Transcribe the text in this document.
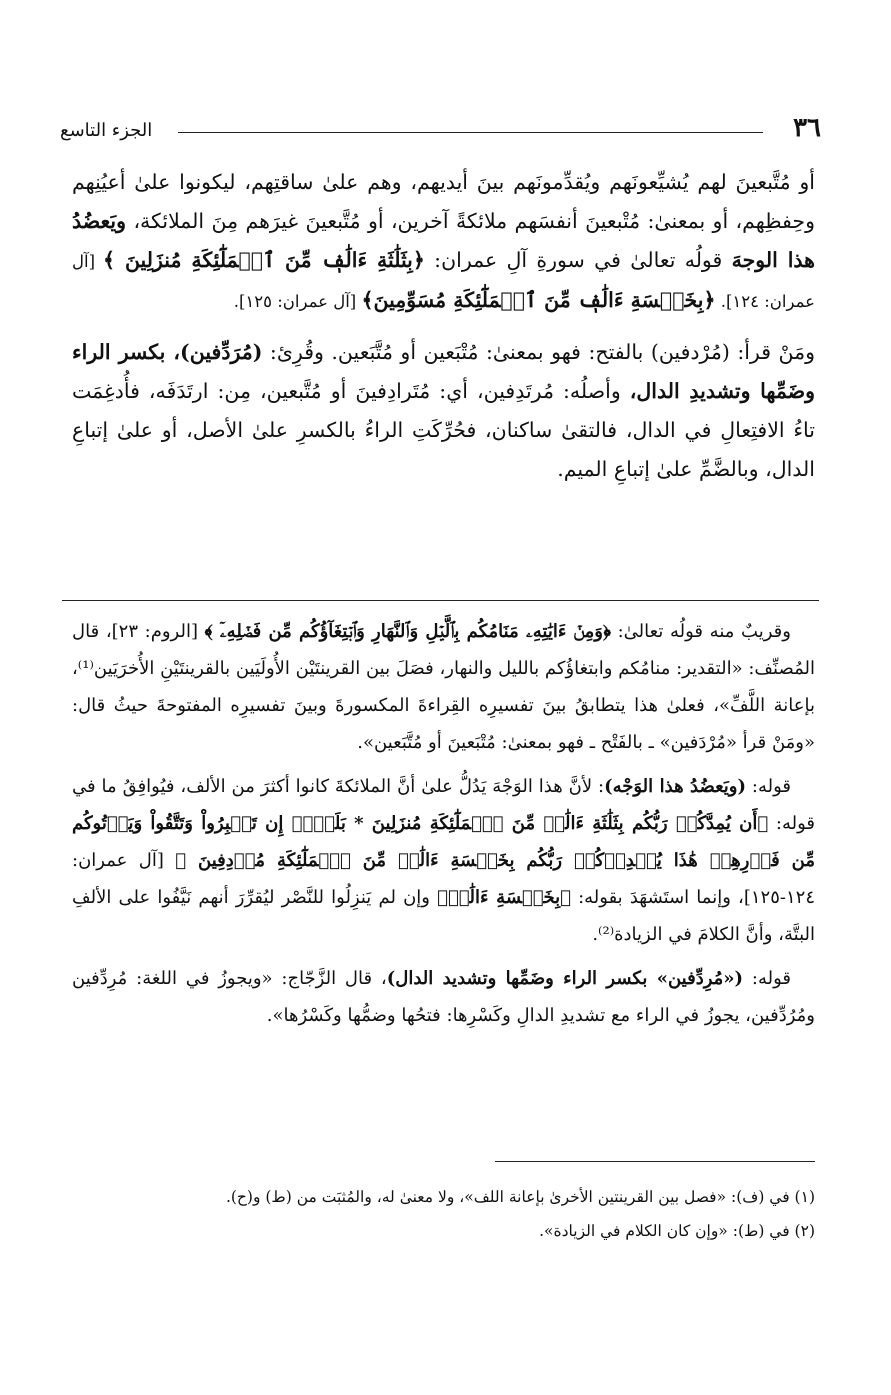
٣٦
الجزء التاسع

أو مُتَّبعينَ لهم يُشيِّعونَهم ويُقدِّمونَهم بينَ أيديهم، وهم علىٰ ساقتِهم، ليكونوا علىٰ أعيُنِهم وحِفظِهم، أو بمعنىٰ: مُتْبعينَ أنفسَهم ملائكةً آخرين، أو مُتَّبعينَ غيرَهم مِنَ الملائكة، ويَعضُدُ هذا الوجهَ قولُه تعالىٰ في سورةِ آلِ عمران: ﴿بِثَلَٰثَةِ ءَالَٰفٖ مِّنَ ٱلۡمَلَٰٓئِكَةِ مُنزَلِينَ ﴾ [آل عمران: ١٢٤]. ﴿بِخَمۡسَةِ ءَالَٰفٖ مِّنَ ٱلۡمَلَٰٓئِكَةِ مُسَوِّمِينَ﴾ [آل عمران: ١٢٥].

ومَنْ قرأ: (مُرْدفين) بالفتح: فهو بمعنىٰ: مُتْبَعين أو مُتَّبَعين. وقُرِئ: (مُرَدِّفين)، بكسر الراء وضَمِّها وتشديدِ الدال، وأصلُه: مُرتَدِفين، أي: مُتَرادِفينَ أو مُتَّبعين، مِن: ارتَدَفَه، فأُدغِمَت تاءُ الافتِعالِ في الدال، فالتقىٰ ساكنان، فحُرِّكَتِ الراءُ بالكسرِ علىٰ الأصل، أو علىٰ إتباعِ الدال، وبالضَّمِّ علىٰ إتباعِ الميم.

وقريبٌ منه قولُه تعالىٰ: ﴿وَمِنۡ ءَايَٰتِهِۦ مَنَامُكُم بِٱلَّيۡلِ وَٱلنَّهَارِ وَٱبۡتِغَآؤُكُم مِّن فَضۡلِهِۦٓ ﴾ [الروم: ٢٣]، قال المُصنِّف: «التقدير: منامُكم وابتغاؤُكم بالليل والنهار، فصَلَ بين القرينتَيْن الأُولَيَين بالقرينتَيْنِ الأُخرَيَين⁽¹⁾، بإعانة اللَّفِّ»، فعلىٰ هذا يتطابقُ بينَ تفسيرِه القِراءةَ المكسورةَ وبينَ تفسيرِه المفتوحةَ حيثُ قال: «ومَنْ قرأ «مُرْدَفين» ـ بالفَتْح ـ فهو بمعنىٰ: مُتْبَعينَ أو مُتَّبَعين».

قوله: (ويَعضُدُ هذا الوَجْه): لأنَّ هذا الوَجْهَ يَدُلُّ علىٰ أنَّ الملائكةَ كانوا أكثرَ من الألف، فيُوافِقُ ما في قوله: ﴿أَن يُمِدَّكُمۡ رَبُّكُم بِثَلَٰثَةِ ءَالَٰفٖ مِّنَ ٱلۡمَلَٰٓئِكَةِ مُنزَلِينَ * بَلَىٰٓۚ إِن تَصۡبِرُواْ وَتَتَّقُواْ وَيَأۡتُوكُم مِّن فَوۡرِهِمۡ هَٰذَا يُمۡدِدۡكُمۡ رَبُّكُم بِخَمۡسَةِ ءَالَٰفٖ مِّنَ ٱلۡمَلَٰٓئِكَةِ مُرۡدِفِينَ ﴾ [آل عمران: ١٢٤-١٢٥]، وإنما استَشهَدَ بقوله: ﴿بِخَمۡسَةِ ءَالَٰفٖ﴾ وإن لم يَنزِلُوا للنَّصْر ليُقرِّرَ أنهم نَيَّفُوا على الألفِ البتَّة، وأنَّ الكلامَ في الزيادة⁽²⁾.

قوله: («مُرِدِّفين» بكسر الراء وضَمِّها وتشديد الدال)، قال الزَّجّاج: «ويجوزُ في اللغة: مُرِدِّفين ومُرُدِّفين، يجوزُ في الراء مع تشديدِ الدالِ وكَسْرِها: فتحُها وضمُّها وكَسْرُها».

(١) في (ف): «فصل بين القرينتين الأخرىٰ بإعانة اللف»، ولا معنىٰ له، والمُثبَت من (ط) و(ح).
(٢) في (ط): «وإن كان الكلام في الزيادة».
